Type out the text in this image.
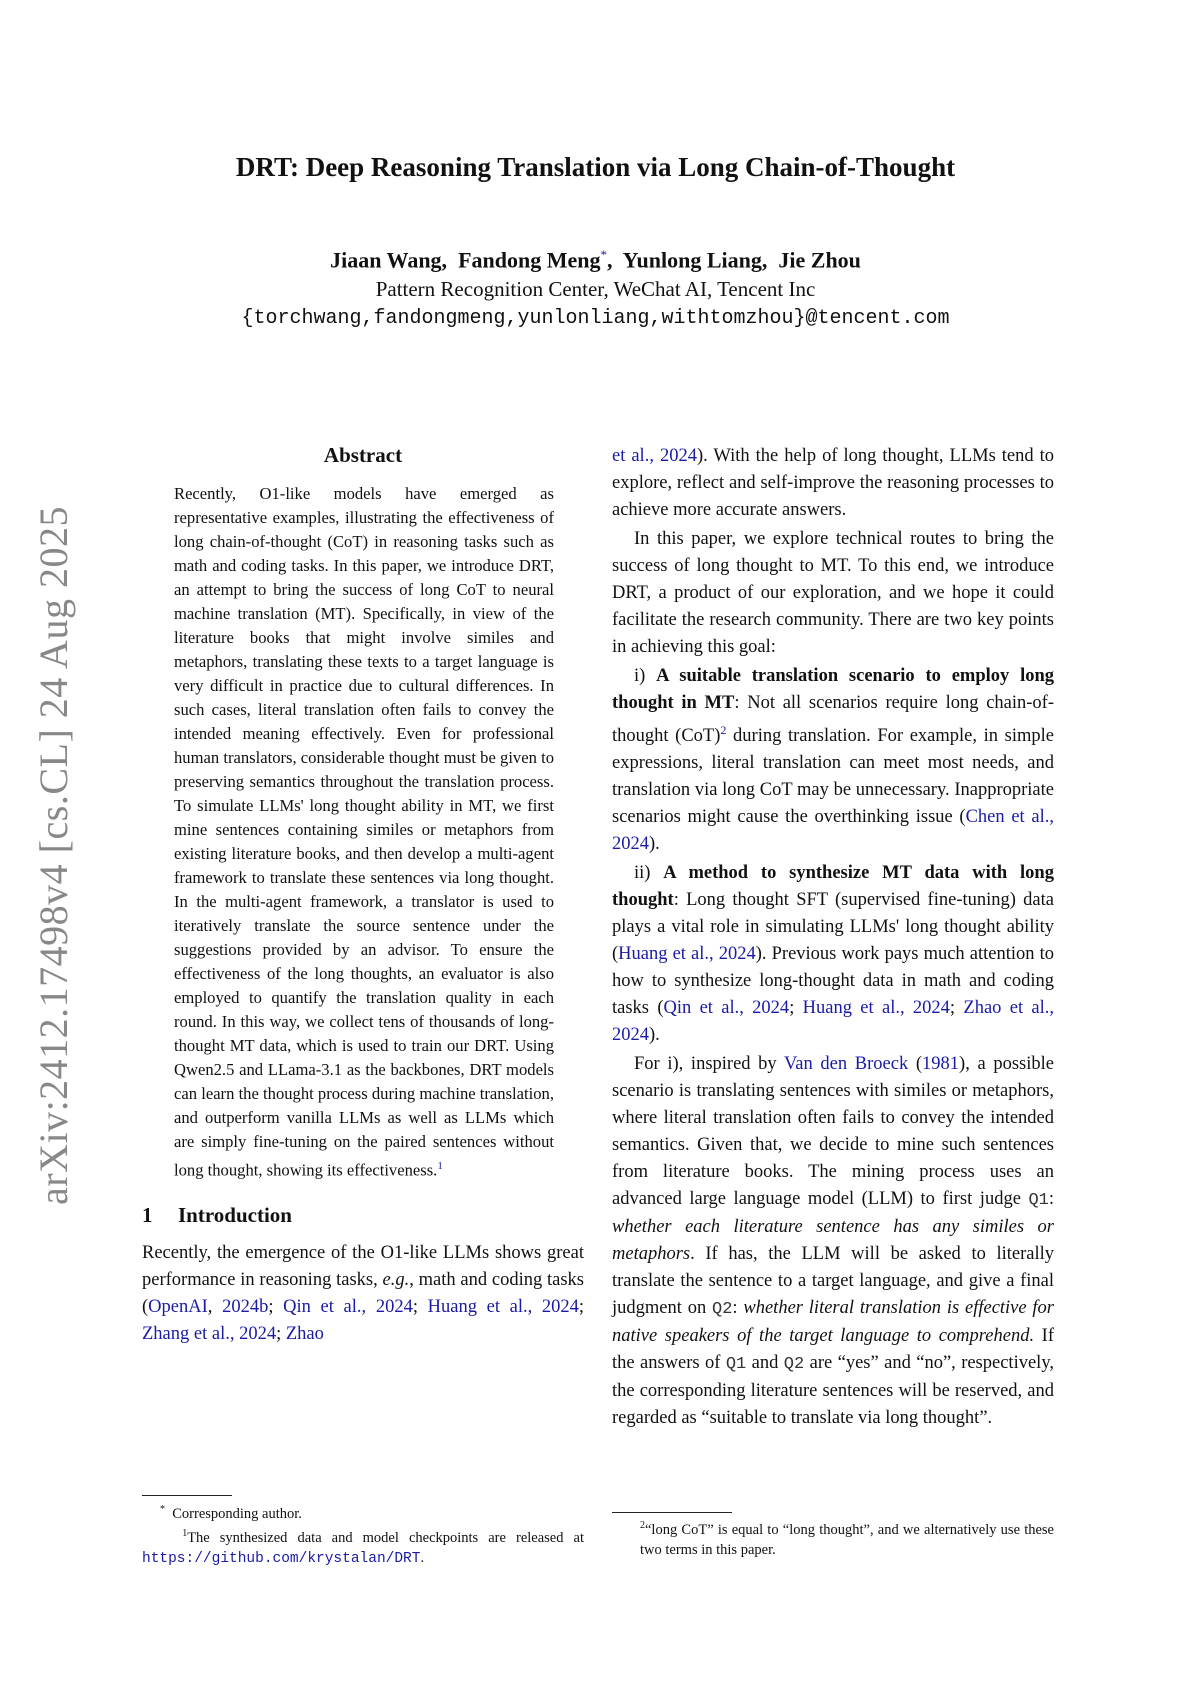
arXiv:2412.17498v4 [cs.CL] 24 Aug 2025
DRT: Deep Reasoning Translation via Long Chain-of-Thought
Jiaan Wang, Fandong Meng*, Yunlong Liang, Jie Zhou
Pattern Recognition Center, WeChat AI, Tencent Inc
{torchwang,fandongmeng,yunlonliang,withtomzhou}@tencent.com
Abstract
Recently, O1-like models have emerged as representative examples, illustrating the effectiveness of long chain-of-thought (CoT) in reasoning tasks such as math and coding tasks. In this paper, we introduce DRT, an attempt to bring the success of long CoT to neural machine translation (MT). Specifically, in view of the literature books that might involve similes and metaphors, translating these texts to a target language is very difficult in practice due to cultural differences. In such cases, literal translation often fails to convey the intended meaning effectively. Even for professional human translators, considerable thought must be given to preserving semantics throughout the translation process. To simulate LLMs' long thought ability in MT, we first mine sentences containing similes or metaphors from existing literature books, and then develop a multi-agent framework to translate these sentences via long thought. In the multi-agent framework, a translator is used to iteratively translate the source sentence under the suggestions provided by an advisor. To ensure the effectiveness of the long thoughts, an evaluator is also employed to quantify the translation quality in each round. In this way, we collect tens of thousands of long-thought MT data, which is used to train our DRT. Using Qwen2.5 and LLama-3.1 as the backbones, DRT models can learn the thought process during machine translation, and outperform vanilla LLMs as well as LLMs which are simply fine-tuning on the paired sentences without long thought, showing its effectiveness.$^1$
1 Introduction

Recently, the emergence of the O1-like LLMs shows great performance in reasoning tasks, e.g., math and coding tasks (OpenAI, 2024b; Qin et al., 2024; Huang et al., 2024; Zhang et al., 2024; Zhao

* Corresponding author.

$^1$The synthesized data and model checkpoints are released at https://github.com/krystalan/DRT.

et al., 2024). With the help of long thought, LLMs tend to explore, reflect and self-improve the reasoning processes to achieve more accurate answers.

In this paper, we explore technical routes to bring the success of long thought to MT. To this end, we introduce DRT, a product of our exploration, and we hope it could facilitate the research community. There are two key points in achieving this goal:

i) A suitable translation scenario to employ long thought in MT: Not all scenarios require long chain-of-thought (CoT)$^2$ during translation. For example, in simple expressions, literal translation can meet most needs, and translation via long CoT may be unnecessary. Inappropriate scenarios might cause the overthinking issue (Chen et al., 2024).

ii) A method to synthesize MT data with long thought: Long thought SFT (supervised fine-tuning) data plays a vital role in simulating LLMs' long thought ability (Huang et al., 2024). Previous work pays much attention to how to synthesize long-thought data in math and coding tasks (Qin et al., 2024; Huang et al., 2024; Zhao et al., 2024).

For i), inspired by Van den Broeck (1981), a possible scenario is translating sentences with similes or metaphors, where literal translation often fails to convey the intended semantics. Given that, we decide to mine such sentences from literature books. The mining process uses an advanced large language model (LLM) to first judge Q1: whether each literature sentence has any similes or metaphors. If has, the LLM will be asked to literally translate the sentence to a target language, and give a final judgment on Q2: whether literal translation is effective for native speakers of the target language to comprehend. If the answers of Q1 and Q2 are “yes” and “no”, respectively, the corresponding literature sentences will be reserved, and regarded as “suitable to translate via long thought”.

$^2$“long CoT” is equal to “long thought”, and we alternatively use these two terms in this paper.
